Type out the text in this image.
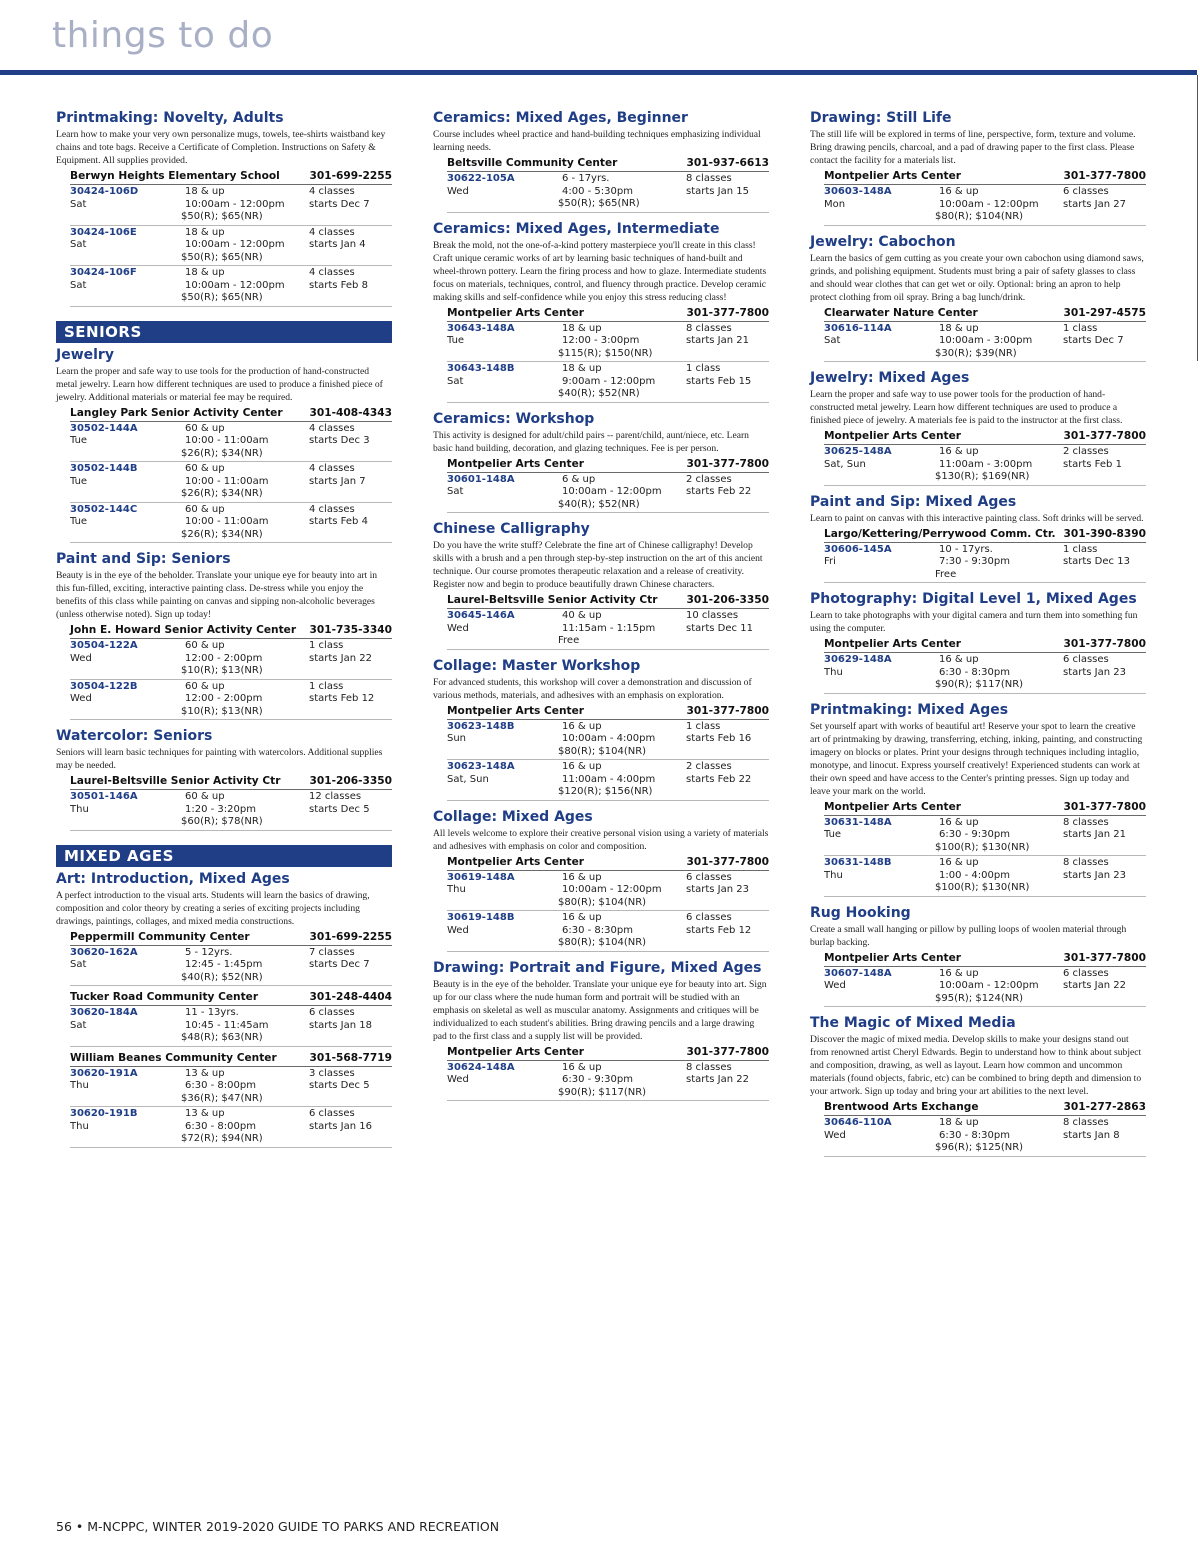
things to do
Printmaking: Novelty, Adults
Learn how to make your very own personalize mugs, towels, tee-shirts waistband key chains and tote bags. Receive a Certificate of Completion. Instructions on Safety & Equipment. All supplies provided.
Berwyn Heights Elementary School	301-699-2255
30424-106D	18 & up	4 classes
Sat	10:00am - 12:00pm	starts Dec 7
$50(R); $65(NR)
30424-106E	18 & up	4 classes
Sat	10:00am - 12:00pm	starts Jan 4
$50(R); $65(NR)
30424-106F	18 & up	4 classes
Sat	10:00am - 12:00pm	starts Feb 8
$50(R); $65(NR)
SENIORS
Jewelry
Learn the proper and safe way to use tools for the production of hand-constructed metal jewelry. Learn how different techniques are used to produce a finished piece of jewelry. Additional materials or material fee may be required.
Langley Park Senior Activity Center	301-408-4343
30502-144A	60 & up	4 classes
Tue	10:00 - 11:00am	starts Dec 3
$26(R); $34(NR)
30502-144B	60 & up	4 classes
Tue	10:00 - 11:00am	starts Jan 7
$26(R); $34(NR)
30502-144C	60 & up	4 classes
Tue	10:00 - 11:00am	starts Feb 4
$26(R); $34(NR)
Paint and Sip: Seniors
Beauty is in the eye of the beholder. Translate your unique eye for beauty into art in this fun-filled, exciting, interactive painting class. De-stress while you enjoy the benefits of this class while painting on canvas and sipping non-alcoholic beverages (unless otherwise noted). Sign up today!
John E. Howard Senior Activity Center 301-735-3340
30504-122A	60 & up	1 class
Wed	12:00 - 2:00pm	starts Jan 22
$10(R); $13(NR)
30504-122B	60 & up	1 class
Wed	12:00 - 2:00pm	starts Feb 12
$10(R); $13(NR)
Watercolor: Seniors
Seniors will learn basic techniques for painting with watercolors. Additional supplies may be needed.
Laurel-Beltsville Senior Activity Ctr	301-206-3350
30501-146A	60 & up	12 classes
Thu	1:20 - 3:20pm	starts Dec 5
$60(R); $78(NR)
MIXED AGES
Art: Introduction, Mixed Ages
A perfect introduction to the visual arts. Students will learn the basics of drawing, composition and color theory by creating a series of exciting projects including drawings, paintings, collages, and mixed media constructions.
Peppermill Community Center	301-699-2255
30620-162A	5 - 12yrs.	7 classes
Sat	12:45 - 1:45pm	starts Dec 7
$40(R); $52(NR)
Tucker Road Community Center	301-248-4404
30620-184A	11 - 13yrs.	6 classes
Sat	10:45 - 11:45am	starts Jan 18
$48(R); $63(NR)
William Beanes Community Center	301-568-7719
30620-191A	13 & up	3 classes
Thu	6:30 - 8:00pm	starts Dec 5
$36(R); $47(NR)
30620-191B	13 & up	6 classes
Thu	6:30 - 8:00pm	starts Jan 16
$72(R); $94(NR)
Ceramics: Mixed Ages, Beginner
Course includes wheel practice and hand-building techniques emphasizing individual learning needs.
Beltsville Community Center	301-937-6613
30622-105A	6 - 17yrs.	8 classes
Wed	4:00 - 5:30pm	starts Jan 15
$50(R); $65(NR)
Ceramics: Mixed Ages, Intermediate
Break the mold, not the one-of-a-kind pottery masterpiece you'll create in this class! Craft unique ceramic works of art by learning basic techniques of hand-built and wheel-thrown pottery. Learn the firing process and how to glaze. Intermediate students focus on materials, techniques, control, and fluency through practice. Develop ceramic making skills and self-confidence while you enjoy this stress reducing class!
Montpelier Arts Center	301-377-7800
30643-148A	18 & up	8 classes
Tue	12:00 - 3:00pm	starts Jan 21
$115(R); $150(NR)
30643-148B	18 & up	1 class
Sat	9:00am - 12:00pm	starts Feb 15
$40(R); $52(NR)
Ceramics: Workshop
This activity is designed for adult/child pairs -- parent/child, aunt/niece, etc. Learn basic hand building, decoration, and glazing techniques. Fee is per person.
Montpelier Arts Center	301-377-7800
30601-148A	6 & up	2 classes
Sat	10:00am - 12:00pm	starts Feb 22
$40(R); $52(NR)
Chinese Calligraphy
Do you have the write stuff? Celebrate the fine art of Chinese calligraphy! Develop skills with a brush and a pen through step-by-step instruction on the art of this ancient technique. Our course promotes therapeutic relaxation and a release of creativity. Register now and begin to produce beautifully drawn Chinese characters.
Laurel-Beltsville Senior Activity Ctr	301-206-3350
30645-146A	40 & up	10 classes
Wed	11:15am - 1:15pm	starts Dec 11
Free
Collage: Master Workshop
For advanced students, this workshop will cover a demonstration and discussion of various methods, materials, and adhesives with an emphasis on exploration.
Montpelier Arts Center	301-377-7800
30623-148B	16 & up	1 class
Sun	10:00am - 4:00pm	starts Feb 16
$80(R); $104(NR)
30623-148A	16 & up	2 classes
Sat, Sun	11:00am - 4:00pm	starts Feb 22
$120(R); $156(NR)
Collage: Mixed Ages
All levels welcome to explore their creative personal vision using a variety of materials and adhesives with emphasis on color and composition.
Montpelier Arts Center	301-377-7800
30619-148A	16 & up	6 classes
Thu	10:00am - 12:00pm	starts Jan 23
$80(R); $104(NR)
30619-148B	16 & up	6 classes
Wed	6:30 - 8:30pm	starts Feb 12
$80(R); $104(NR)
Drawing: Portrait and Figure, Mixed Ages
Beauty is in the eye of the beholder. Translate your unique eye for beauty into art. Sign up for our class where the nude human form and portrait will be studied with an emphasis on skeletal as well as muscular anatomy. Assignments and critiques will be individualized to each student's abilities. Bring drawing pencils and a large drawing pad to the first class and a supply list will be provided.
Montpelier Arts Center	301-377-7800
30624-148A	16 & up	8 classes
Wed	6:30 - 9:30pm	starts Jan 22
$90(R); $117(NR)
Drawing: Still Life
The still life will be explored in terms of line, perspective, form, texture and volume. Bring drawing pencils, charcoal, and a pad of drawing paper to the first class. Please contact the facility for a materials list.
Montpelier Arts Center	301-377-7800
30603-148A	16 & up	6 classes
Mon	10:00am - 12:00pm	starts Jan 27
$80(R); $104(NR)
Jewelry: Cabochon
Learn the basics of gem cutting as you create your own cabochon using diamond saws, grinds, and polishing equipment. Students must bring a pair of safety glasses to class and should wear clothes that can get wet or oily. Optional: bring an apron to help protect clothing from oil spray. Bring a bag lunch/drink.
Clearwater Nature Center	301-297-4575
30616-114A	18 & up	1 class
Sat	10:00am - 3:00pm	starts Dec 7
$30(R); $39(NR)
Jewelry: Mixed Ages
Learn the proper and safe way to use power tools for the production of hand-constructed metal jewelry. Learn how different techniques are used to produce a finished piece of jewelry. A materials fee is paid to the instructor at the first class.
Montpelier Arts Center	301-377-7800
30625-148A	16 & up	2 classes
Sat, Sun	11:00am - 3:00pm	starts Feb 1
$130(R); $169(NR)
Paint and Sip: Mixed Ages
Learn to paint on canvas with this interactive painting class. Soft drinks will be served.
Largo/Kettering/Perrywood Comm. Ctr. 301-390-8390
30606-145A	10 - 17yrs.	1 class
Fri	7:30 - 9:30pm	starts Dec 13
Free
Photography: Digital Level 1, Mixed Ages
Learn to take photographs with your digital camera and turn them into something fun using the computer.
Montpelier Arts Center	301-377-7800
30629-148A	16 & up	6 classes
Thu	6:30 - 8:30pm	starts Jan 23
$90(R); $117(NR)
Printmaking: Mixed Ages
Set yourself apart with works of beautiful art! Reserve your spot to learn the creative art of printmaking by drawing, transferring, etching, inking, painting, and constructing imagery on blocks or plates. Print your designs through techniques including intaglio, monotype, and linocut. Express yourself creatively! Experienced students can work at their own speed and have access to the Center's printing presses. Sign up today and leave your mark on the world.
Montpelier Arts Center	301-377-7800
30631-148A	16 & up	8 classes
Tue	6:30 - 9:30pm	starts Jan 21
$100(R); $130(NR)
30631-148B	16 & up	8 classes
Thu	1:00 - 4:00pm	starts Jan 23
$100(R); $130(NR)
Rug Hooking
Create a small wall hanging or pillow by pulling loops of woolen material through burlap backing.
Montpelier Arts Center	301-377-7800
30607-148A	16 & up	6 classes
Wed	10:00am - 12:00pm	starts Jan 22
$95(R); $124(NR)
The Magic of Mixed Media
Discover the magic of mixed media. Develop skills to make your designs stand out from renowned artist Cheryl Edwards. Begin to understand how to think about subject and composition, drawing, as well as layout. Learn how common and uncommon materials (found objects, fabric, etc) can be combined to bring depth and dimension to your artwork. Sign up today and bring your art abilities to the next level.
Brentwood Arts Exchange	301-277-2863
30646-110A	18 & up	8 classes
Wed	6:30 - 8:30pm	starts Jan 8
$96(R); $125(NR)
56 • M-NCPPC, WINTER 2019-2020 GUIDE TO PARKS AND RECREATION
